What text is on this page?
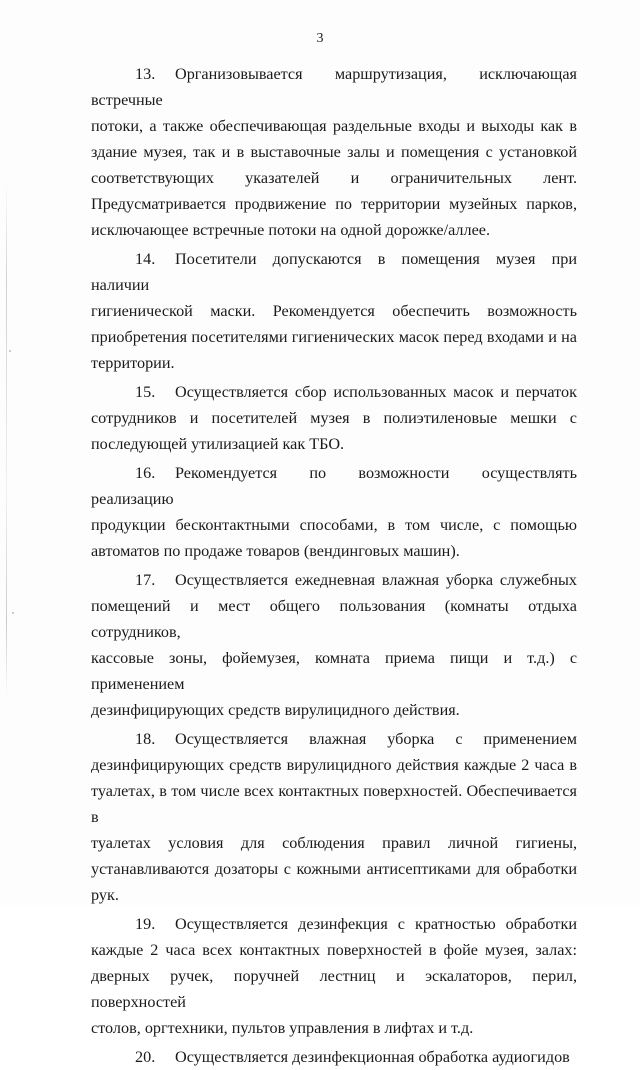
3
13. Организовывается маршрутизация, исключающая встречные
потоки, а также обеспечивающая раздельные входы и выходы как в
здание музея, так и в выставочные залы и помещения с установкой
соответствующих указателей и ограничительных лент.
Предусматривается продвижение по территории музейных парков,
исключающее встречные потоки на одной дорожке/аллее.
14. Посетители допускаются в помещения музея при наличии
гигиенической маски. Рекомендуется обеспечить возможность
приобретения посетителями гигиенических масок перед входами и на
территории.
15. Осуществляется сбор использованных масок и перчаток
сотрудников и посетителей музея в полиэтиленовые мешки с
последующей утилизацией как ТБО.
16. Рекомендуется по возможности осуществлять реализацию
продукции бесконтактными способами, в том числе, с помощью
автоматов по продаже товаров (вендинговых машин).
17. Осуществляется ежедневная влажная уборка служебных
помещений и мест общего пользования (комнаты отдыха сотрудников,
кассовые зоны, фойемузея, комната приема пищи и т.д.) с применением
дезинфицирующих средств вирулицидного действия.
18. Осуществляется влажная уборка с применением
дезинфицирующих средств вирулицидного действия каждые 2 часа в
туалетах, в том числе всех контактных поверхностей. Обеспечивается в
туалетах условия для соблюдения правил личной гигиены,
устанавливаются дозаторы с кожными антисептиками для обработки рук.
19. Осуществляется дезинфекция с кратностью обработки
каждые 2 часа всех контактных поверхностей в фойе музея, залах:
дверных ручек, поручней лестниц и эскалаторов, перил, поверхностей
столов, оргтехники, пультов управления в лифтах и т.д.
20. Осуществляется дезинфекционная обработка аудиогидов
